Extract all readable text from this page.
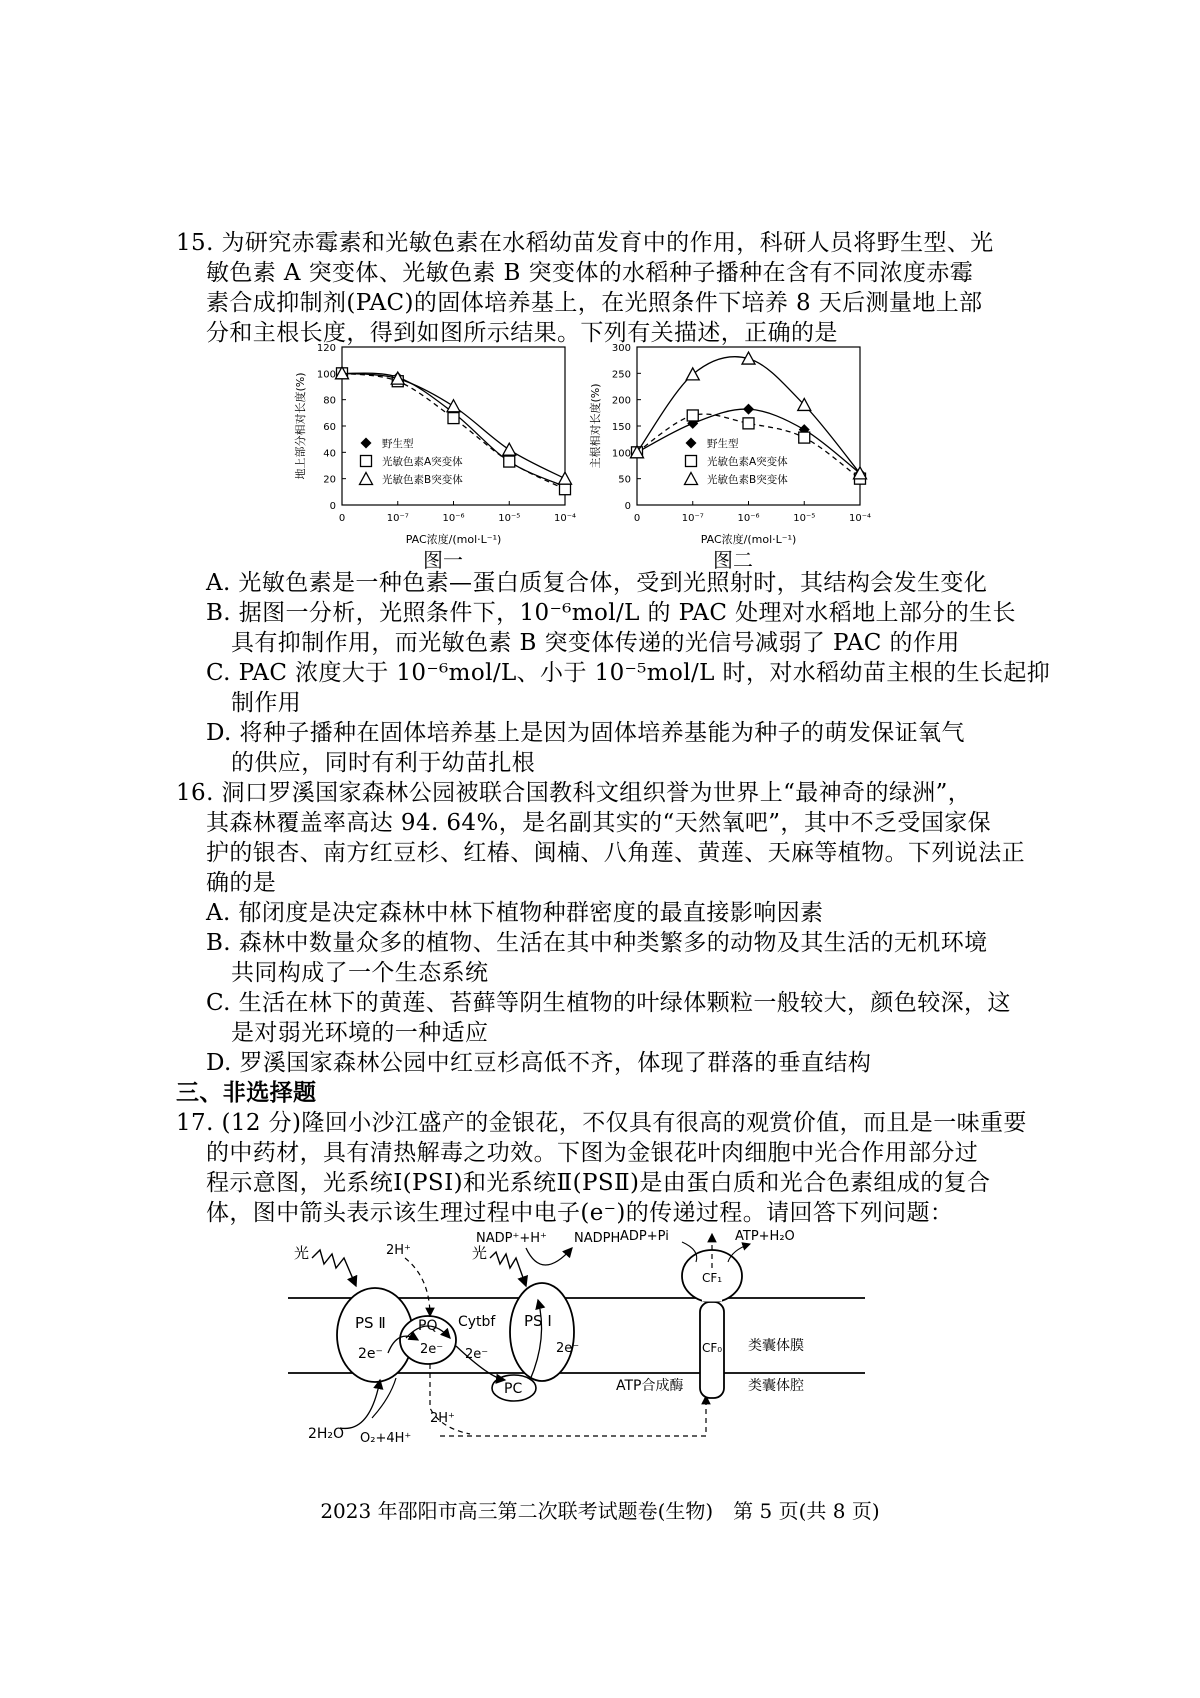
15. 为研究赤霉素和光敏色素在水稻幼苗发育中的作用，科研人员将野生型、光
敏色素 A 突变体、光敏色素 B 突变体的水稻种子播种在含有不同浓度赤霉
素合成抑制剂(PAC)的固体培养基上，在光照条件下培养 8 天后测量地上部
分和主根长度，得到如图所示结果。下列有关描述，正确的是
0
20
40
60
80
100
120
0	10⁻⁷	10⁻⁶	10⁻⁵	10⁻⁴
PAC浓度/(mol·L⁻¹)
地上部分相对长度(%)	野生型
光敏色素A突变体
光敏色素B突变体
图一
0
50
100
150
200
250
300
0	10⁻⁷	10⁻⁶	10⁻⁵	10⁻⁴
PAC浓度/(mol·L⁻¹)
主根相对长度(%)	野生型
光敏色素A突变体
光敏色素B突变体
图二
A. 光敏色素是一种色素—蛋白质复合体，受到光照射时，其结构会发生变化
B. 据图一分析，光照条件下，10⁻⁶mol/L 的 PAC 处理对水稻地上部分的生长
具有抑制作用，而光敏色素 B 突变体传递的光信号减弱了 PAC 的作用
C. PAC 浓度大于 10⁻⁶mol/L、小于 10⁻⁵mol/L 时，对水稻幼苗主根的生长起抑
制作用
D. 将种子播种在固体培养基上是因为固体培养基能为种子的萌发保证氧气
的供应，同时有利于幼苗扎根
16. 洞口罗溪国家森林公园被联合国教科文组织誉为世界上“最神奇的绿洲”，
其森林覆盖率高达 94. 64%，是名副其实的“天然氧吧”，其中不乏受国家保
护的银杏、南方红豆杉、红椿、闽楠、八角莲、黄莲、天麻等植物。下列说法正
确的是
A. 郁闭度是决定森林中林下植物种群密度的最直接影响因素
B. 森林中数量众多的植物、生活在其中种类繁多的动物及其生活的无机环境
共同构成了一个生态系统
C. 生活在林下的黄莲、苔藓等阴生植物的叶绿体颗粒一般较大，颜色较深，这
是对弱光环境的一种适应
D. 罗溪国家森林公园中红豆杉高低不齐，体现了群落的垂直结构
三、非选择题
17. (12 分)隆回小沙江盛产的金银花，不仅具有很高的观赏价值，而且是一味重要
的中药材，具有清热解毒之功效。下图为金银花叶肉细胞中光合作用部分过
程示意图，光系统Ⅰ(PSⅠ)和光系统Ⅱ(PSⅡ)是由蛋白质和光合色素组成的复合
体，图中箭头表示该生理过程中电子(e⁻)的传递过程。请回答下列问题：
PS Ⅱ
2e⁻
PQ Cytbf
2e⁻ 2e⁻
PS Ⅰ
2e⁻
PC
光	光
2H₂O O₂+4H⁺
2H⁺
2H⁺
NADP⁺+H⁺ NADPH
CF₁
CF₀
ADP+Pi	ATP+H₂O
类囊体膜
类囊体腔
ATP合成酶
2023 年邵阳市高三第二次联考试题卷(生物)　第 5 页(共 8 页)
